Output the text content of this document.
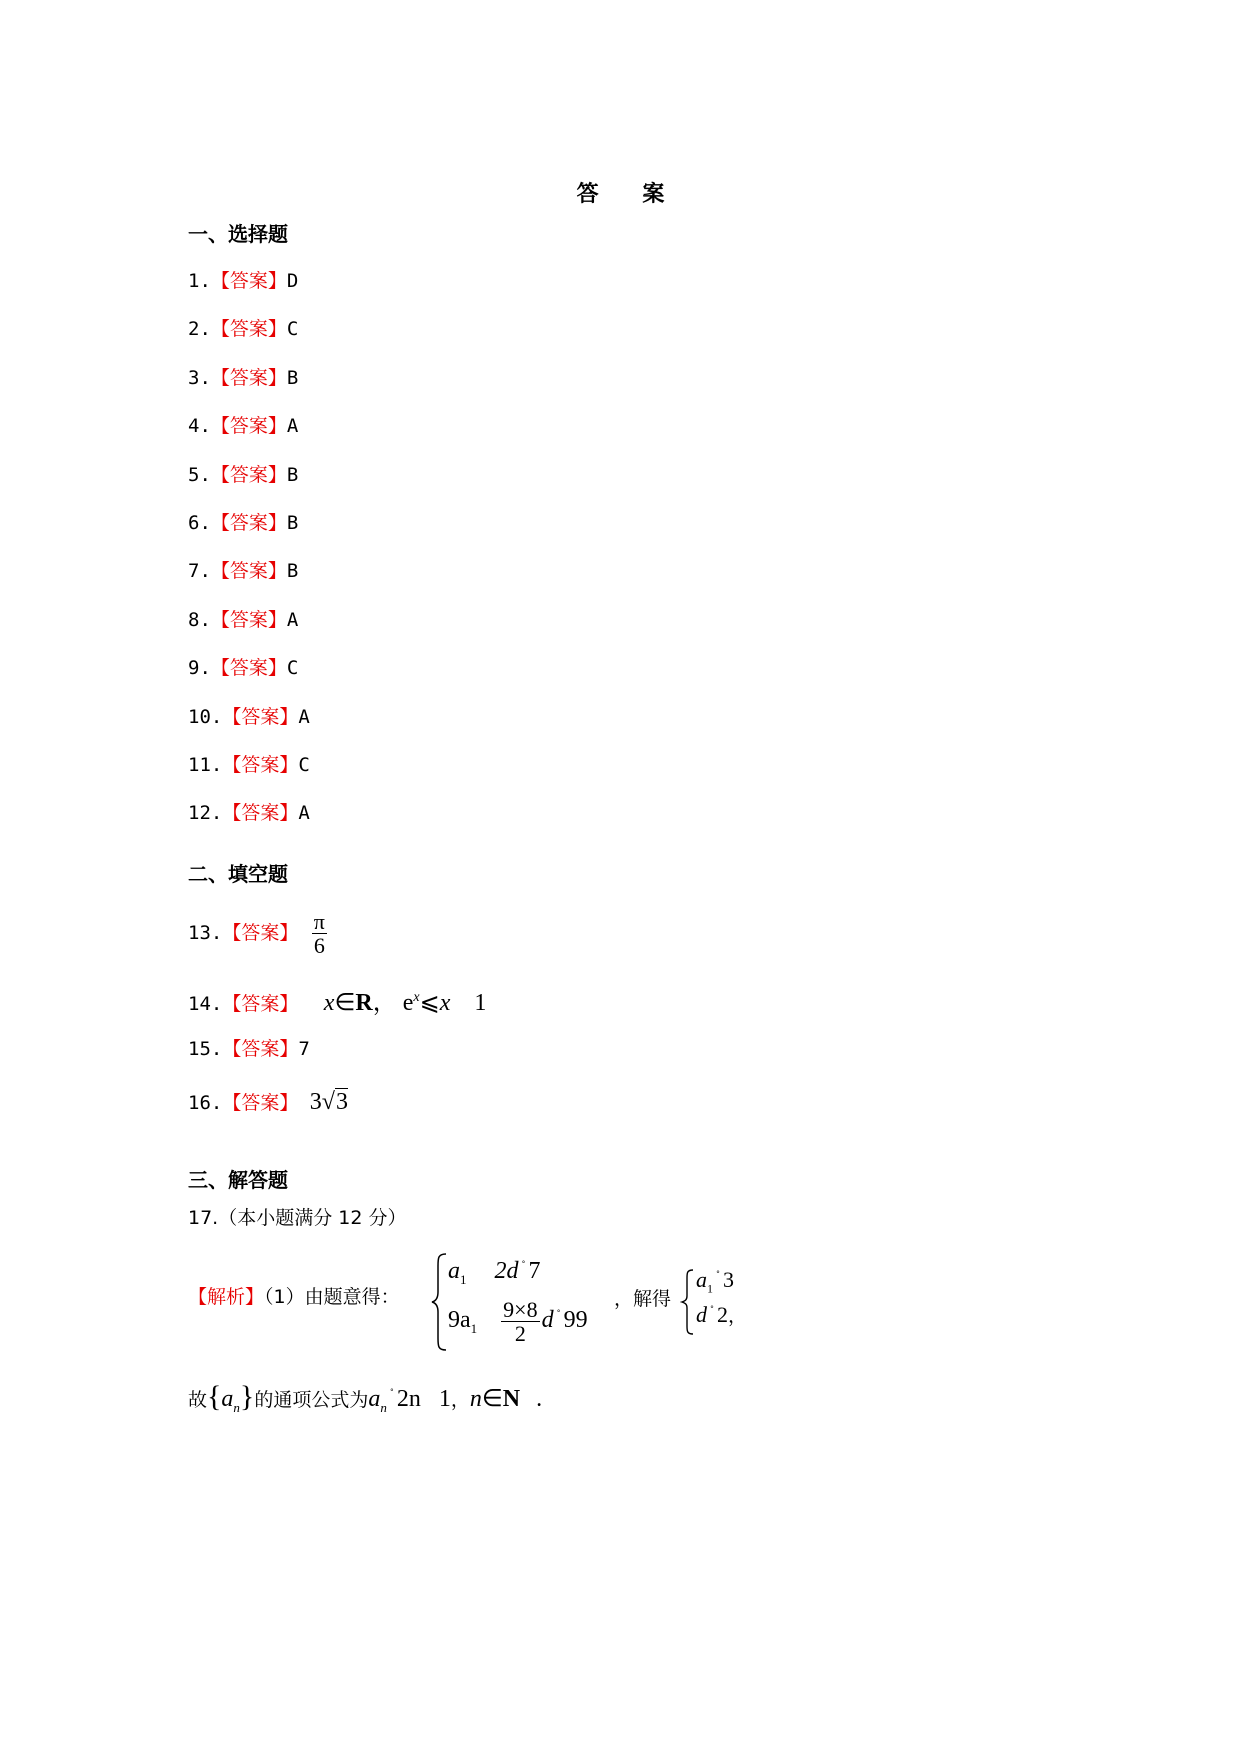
答 案
一、选择题
1.【答案】D
2.【答案】C
3.【答案】B
4.【答案】A
5.【答案】B
6.【答案】B
7.【答案】B
8.【答案】A
9.【答案】C
10.【答案】A
11.【答案】C
12.【答案】A
二、填空题
13.【答案】 $\frac{\pi}{6}$
14.【答案】 x∈R， $e^x⩽x$ 1
15.【答案】7
16.【答案】 3√3
三、解答题
17.（本小题满分 12 分）
【解析】（1）由题意得：
$a_1$ 2d ˚ 7
$9a_1 \frac{9\times 8}{2}$ d ˚ 99
，解得
$a_1^˚$ 3
d ˚ 2，
故$\{a_n\}$的通项公式为$a_n^˚$ 2n 1，n∈N .
